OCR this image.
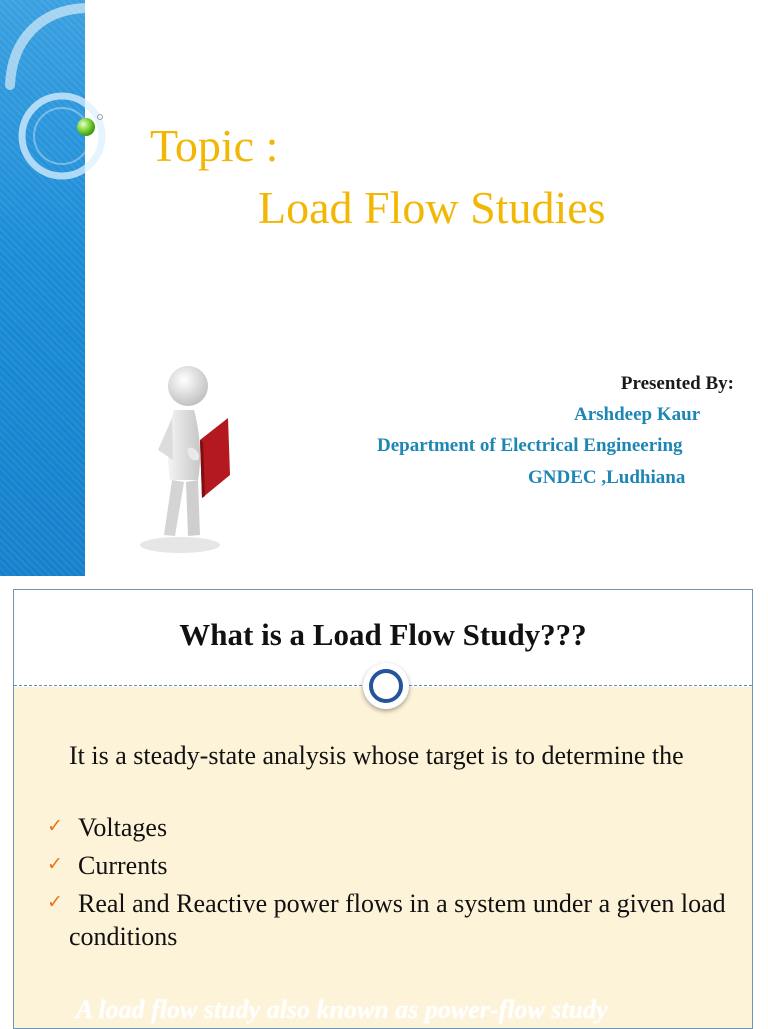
Topic :
Load Flow Studies

Presented By:

Arshdeep Kaur

Department of Electrical Engineering

GNDEC ,Ludhiana

What is a Load Flow Study???

It is a steady-state analysis whose target is to determine the

✓ Voltages
✓ Currents
✓ Real and Reactive power flows in a system under a given load conditions

A load flow study also known as power-flow study
